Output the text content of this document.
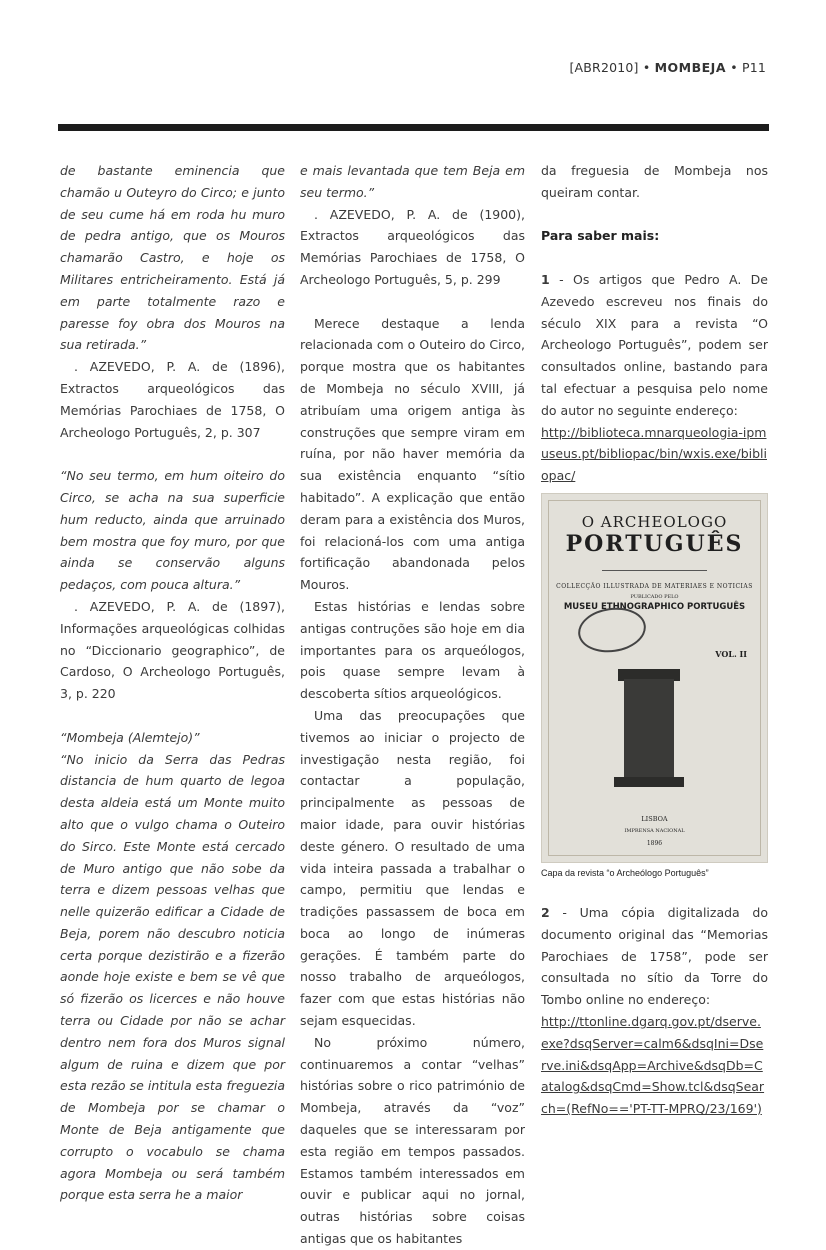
[ABR2010] • MOMBEJA • P11

de bastante eminencia que chamão u Outeyro do Circo; e junto de seu cume há em roda hu muro de pedra antigo, que os Mouros chamarão Castro, e hoje os Militares entricheiramento. Está já em parte totalmente razo e paresse foy obra dos Mouros na sua retirada.”

. AZEVEDO, P. A. de (1896), Extractos arqueológicos das Memórias Parochiaes de 1758, O Archeologo Português, 2, p. 307

“No seu termo, em hum oiteiro do Circo, se acha na sua superficie hum reducto, ainda que arruinado bem mostra que foy muro, por que ainda se conservão alguns pedaços, com pouca altura.”

. AZEVEDO, P. A. de (1897), Informações arqueológicas colhidas no “Diccionario geographico”, de Cardoso, O Archeologo Português, 3, p. 220

“Mombeja (Alemtejo)”

“No inicio da Serra das Pedras distancia de hum quarto de legoa desta aldeia está um Monte muito alto que o vulgo chama o Outeiro do Sirco. Este Monte está cercado de Muro antigo que não sobe da terra e dizem pessoas velhas que nelle quizerão edificar a Cidade de Beja, porem não descubro noticia certa porque dezistirão e a fizerão aonde hoje existe e bem se vê que só fizerão os licerces e não houve terra ou Cidade por não se achar dentro nem fora dos Muros signal algum de ruina e dizem que por esta rezão se intitula esta freguezia de Mombeja por se chamar o Monte de Beja antigamente que corrupto o vocabulo se chama agora Mombeja ou será também porque esta serra he a maior

e mais levantada que tem Beja em seu termo.”

. AZEVEDO, P. A. de (1900), Extractos arqueológicos das Memórias Parochiaes de 1758, O Archeologo Português, 5, p. 299

Merece destaque a lenda relacionada com o Outeiro do Circo, porque mostra que os habitantes de Mombeja no século XVIII, já atribuíam uma origem antiga às construções que sempre viram em ruína, por não haver memória da sua existência enquanto “sítio habitado”. A explicação que então deram para a existência dos Muros, foi relacioná-los com uma antiga fortificação abandonada pelos Mouros.

Estas histórias e lendas sobre antigas contruções são hoje em dia importantes para os arqueólogos, pois quase sempre levam à descoberta sítios arqueológicos.

Uma das preocupações que tivemos ao iniciar o projecto de investigação nesta região, foi contactar a população, principalmente as pessoas de maior idade, para ouvir histórias deste género. O resultado de uma vida inteira passada a trabalhar o campo, permitiu que lendas e tradições passassem de boca em boca ao longo de inúmeras gerações. É também parte do nosso trabalho de arqueólogos, fazer com que estas histórias não sejam esquecidas.

No próximo número, continuaremos a contar “velhas” histórias sobre o rico património de Mombeja, através da “voz” daqueles que se interessaram por esta região em tempos passados. Estamos também interessados em ouvir e publicar aqui no jornal, outras histórias sobre coisas antigas que os habitantes

da freguesia de Mombeja nos queiram contar.

Para saber mais:

1 - Os artigos que Pedro A. De Azevedo escreveu nos finais do século XIX para a revista “O Archeologo Português”, podem ser consultados online, bastando para tal efectuar a pesquisa pelo nome do autor no seguinte endereço:

http://biblioteca.mnarqueologia-ipmuseus.pt/bibliopac/bin/wxis.exe/bibliopac/

O ARCHEOLOGO
PORTUGUÊS
COLLECÇÃO ILLUSTRADA DE MATERIAES E NOTICIAS
PUBLICADO PELO
MUSEU ETHNOGRAPHICO PORTUGUÊS
VOL. II
LISBOA
IMPRENSA NACIONAL
1896
Capa da revista “o Archeólogo Português”

2 - Uma cópia digitalizada do documento original das “Memorias Parochiaes de 1758”, pode ser consultada no sítio da Torre do Tombo online no endereço:

http://ttonline.dgarq.gov.pt/dserve.exe?dsqServer=calm6&dsqIni=Dserve.ini&dsqApp=Archive&dsqDb=Catalog&dsqCmd=Show.tcl&dsqSearch=(RefNo=='PT-TT-MPRQ/23/169')
